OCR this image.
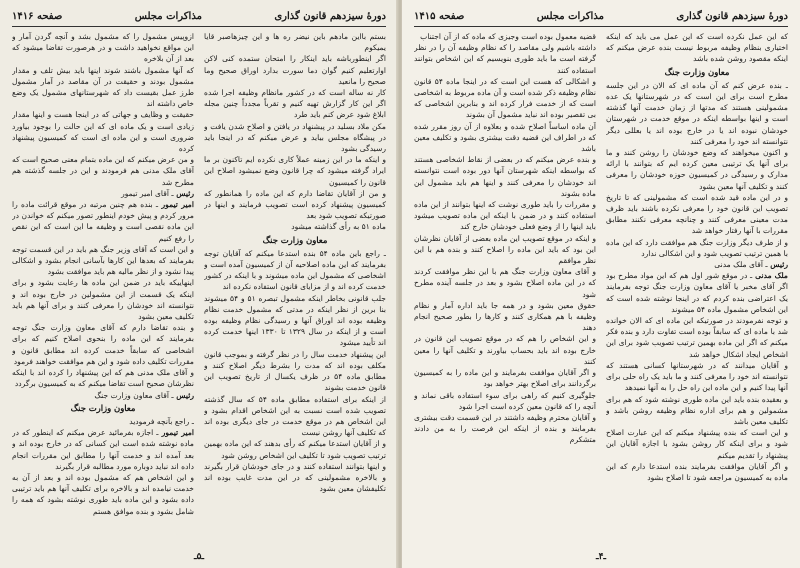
دورهٔ سیزدهم قانون گذاری
مذاکرات مجلس
صفحه ۱۴۱۶

بستم بااین مادهم باین نیضر ره ها و این چیزهاصبر قایا یمیکوم

اگر اینطورباشه باید اینکار را امتحان ستمده کنی لاکن اوارتعلیم کنیم گوان دما سورت بدارد اوراق صحیح وما صحیح را مانعید

کار نه ساله است که در کشور مانظام وظیفه اجرا شده اگر این کار گزارش تهیه کنیم و تقرباً مجدداً چنین مجله ابلاغ شود عرض کنم باید طرد

مکن ملاد بسلید در پیشنهاد در یافتن و اصلاح شدن یافت و در پیشگاه مجلس بیاید و عرض میکنم که در اینجا باید رسیدگی بشود

و اینکه ما در این زمینه عملاً کاری نکرده ایم تاکنون بر ما ایراد گرفته میشود که چرا قانون وضع نمیشود اصلاح این قانون را کمیسیون

و من از آقایان تقاضا دارم که این ماده را همانطور که کمیسیون پیشنهاد کرده است تصویب فرمایند و اینها در صورتیکه تصویب شود بعد

ماده ۵۱ به رأی گذاشته میشود

معاون وزارت جنگ

ـ راجع باین ماده ۵۴ بنده استدعا میکنم که آقایان توجه بفرمایند که این ماده اصلاحیه آن از کمیسیون آمده است و اشخاصی که مشمول این ماده میشوند و با اینکه در کشور خدمت کرده اند و از مزایای قانون استفاده نکرده اند

جلب قانونی بخاطر اینکه مشمول تبصره ۵۱ و ۵۴ میشوند بنا برین از نظر اینکه در مدتی که مشمول خدمت نظام وظیفه بوده اند اوراق آنها و رسیدگی نظام وظیفه بوده است و از اینکه در سال ۱۳۲۹ تا ۱۳۳۰ اینها خدمت کرده اند تأیید میشود

این پیشنهاد خدمت سال را در نظر گرفته و بموجب قانون مکلف بوده اند که مدت را بشرط دیگر اصلاح کنند و مطابق ماده ۵۴ در ظرف یکسال از تاریخ تصویب این قانون خدمت بشوند

از اینکه برای استفاده مطابق ماده ۵۴ که سال گذشته تصویب شده است نسبت به این اشخاص اقدام بشود و این اشخاص هم در موقع خدمت در جای دیگری بوده اند که تکلیف آنها روشن نیست

و از آقایان استدعا میکنم که رأی بدهند که این ماده بهمین ترتیب تصویب شود تا تکلیف این اشخاص روشن شود

و اینها بتوانند استفاده کنند و در جای خودشان قرار بگیرند و بالاخره مشمولینی که در این مدت غایب بوده اند تکلیفشان معین بشود

ازوپیس مشمول را که مشمول بشد و آنچه گردن آمار و این مواقع نخواهید داشت و در هرصورت تقاضا میشود که بعد از آن بلاخره

که آنها مشمول باشند شوند اینها باید بیش تلف و مقدار مشمول بودند و حقیقت در آن مقاصد در آمار مشمول طرز عمل بقیست داد که شهرستانهای مشمول یک وضع خاص داشته اند

حقیقت و وظایف و جهاتی که در اینجا هست و اینها مقدار زیادی است و یک ماده ای که این حالت را بوجود بیاورد ضروری است و این ماده ای است که کمیسیون پیشنهاد کرده

و من عرض میکنم که این ماده بتمام معنی صحیح است که آقای ملک مدنی هم فرمودند و این در جلسه گذشته هم مطرح شد

رئیس ـ آقای امیر تیمور

امیر تیمور ـ بنده هم چنین مرتبه در موقع قرائت ماده را مرور کردم و پیش خودم اینطور تصور میکنم که خواندن در این ماده نقصی است و وظیفه ما این است که این نقص را رفع کنیم

و این است که آقای وزیر جنگ هم باید در این قسمت توجه بفرمایند که بعدها این کارها بآسانی انجام بشود و اشکالی پیدا نشود و از نظر مالیه هم باید موافقت بشود

اینهاییکه باید در ضمن این ماده ها رعایت بشود و برای اینکه یک قسمت از این مشمولین در خارج بوده اند و نتوانسته اند خودشان را معرفی کنند و برای آنها هم باید تکلیف معین بشود

و بنده تقاضا دارم که آقای معاون وزارت جنگ توجه بفرمایند که این ماده را بنحوی اصلاح کنیم که برای اشخاصی که سابقاً خدمت کرده اند مطابق قانون و مقررات تکلیف داده شود و این هم موافقت خواهند فرمود

و آقای ملک مدنی هم که این پیشنهاد را کرده اند با اینکه نظرشان صحیح است تقاضا میکنم که به کمیسیون برگردد

رئیس ـ آقای معاون وزارت جنگ

معاون وزارت جنگ

ـ راجع بآنچه فرمودید

امیر تیمور ـ اجازه بفرمائید عرض میکنم که اینطور که در ماده نوشته شده است این کسانی که در خارج بوده اند و بعد آمده اند و خدمت آنها را مطابق این مقررات انجام داده اند نباید دوباره مورد مطالبه قرار بگیرند

و این اشخاص هم که مشمول بوده اند و بعد از آن به خدمت نیامده اند و بالاخره برای تکلیف آنها هم باید ترتیبی داده بشود و این ماده باید طوری نوشته بشود که همه را شامل بشود و بنده موافق هستم

ـ۵ـ
دورهٔ سیزدهم قانون گذاری
مذاکرات مجلس
صفحه ۱۴۱۵

که این عمل نکرده است که این عمل می باید که اینکه اختیاری بنظام وظیفه مربوط نیست بنده عرض میکنم که اینکه مقصود روشن شده باشد

معاون وزارت جنگ

ـ بنده عرض کنم که آن ماده ای که الان در این جلسه مطرح است برای این است که در شهرستانها یک عده مشمولینی هستند که مدتها از زمان خدمت آنها گذشته است و اینها بواسطه اینکه در موقع خدمت در شهرستان خودشان نبوده اند یا در خارج بوده اند یا بعللی دیگر نتوانسته اند خود را معرفی کنند

و اکنون میخواهند که وضع خودشان را روشن کنند و ما برای آنها یک ترتیبی معین کرده ایم که بتوانند با ارائه مدارک و رسیدگی در کمیسیون حوزه خودشان را معرفی کنند و تکلیف آنها معین بشود

و در این ماده قید شده است که مشمولینی که تا تاریخ تصویب این قانون خود را معرفی نکرده باشند باید ظرف مدت معینی معرفی کنند و چنانچه معرفی نکنند مطابق مقررات با آنها رفتار خواهد شد

و از طرف دیگر وزارت جنگ هم موافقت دارد که این ماده با همین ترتیب تصویب شود و این اشکالی ندارد

رئیس ـ آقای ملک مدنی

ملک مدنی ـ در موقع شور اول هم که این مواد مطرح بود اگر آقای مخبر یا آقای معاون وزارت جنگ توجه بفرمایند یک اعتراضی بنده کردم که در اینجا نوشته شده است که این اشخاص مشمول ماده ۵۴ میشوند

و توجه نفرمودند در صورتیکه این ماده ای که الان خوانده شد با ماده ای که سابقاً بوده است تفاوت دارد و بنده فکر میکنم که اگر این ماده بهمین ترتیب تصویب شود برای این اشخاص ایجاد اشکال خواهد شد

و آقایان میدانند که در شهرستانها کسانی هستند که نتوانسته اند خود را معرفی کنند و ما باید یک راه حلی برای آنها پیدا کنیم و این ماده این راه حل را به آنها نمیدهد

و بعقیده بنده باید این ماده طوری نوشته شود که هم برای مشمولین و هم برای اداره نظام وظیفه روشن باشد و تکلیف معین باشد

و این است که بنده پیشنهاد میکنم که این عبارت اصلاح شود و برای اینکه کار روشن بشود با اجازه آقایان این پیشنهاد را تقدیم میکنم

و اگر آقایان موافقت بفرمایند بنده استدعا دارم که این ماده به کمیسیون مراجعه شود تا اصلاح بشود

قضیه معمول بوده است وجیزی که ماده که از آن اجتناب

داشته باشیم ولی مقاصد را که نظام وظیفه آن را در نظر گرفته است ما باید طوری بنویسیم که این اشخاص بتوانند استفاده کنند

و اشکالی که هست این است که در اینجا ماده ۵۴ قانون نظام وظیفه ذکر شده است و آن ماده مربوط به اشخاصی است که از خدمت فرار کرده اند و بنابرین اشخاصی که بی تقصیر بوده اند نباید مشمول آن بشوند

آن ماده اساساً اصلاح شده و بعلاوه از آن روز مقرر شده که در اطراف این قضیه دقت بیشتری بشود و تکلیف معین باشد

و بنده عرض میکنم که در بعضی از نقاط اشخاصی هستند که بواسطه اینکه شهرستان آنها دور بوده است نتوانسته اند خودشان را معرفی کنند و اینها هم باید مشمول این ماده بشوند

و مقررات را باید طوری نوشت که اینها بتوانند از این ماده استفاده کنند و در ضمن با اینکه این ماده تصویب میشود باید اینها را از وضع فعلی خودشان خارج کند

و اینکه در موقع تصویب این ماده بعضی از آقایان نظرشان این بود که باید این ماده را اصلاح کنند و بنده هم با این نظر موافقم

و آقای معاون وزارت جنگ هم با این نظر موافقت کردند که در این ماده اصلاح بشود و بعد در جلسه آینده مطرح شود

حقوق معین بشود و در همه جا باید اداره آمار و نظام وظیفه با هم همکاری کنند و کارها را بطور صحیح انجام دهند

و این اشخاص را هم که در موقع تصویب این قانون در خارج بوده اند باید بحساب بیاورند و تکلیف آنها را معین کنند

و اگر آقایان موافقت بفرمایند و این ماده را به کمیسیون برگردانند برای اصلاح بهتر خواهد بود

جلوگیری کنیم که راهی برای سوء استفاده باقی نماند و آنچه را که قانون معین کرده است اجرا شود

و آقایان محترم وظیفه داشتند در این قسمت دقت بیشتری بفرمایند و بنده از اینکه این فرصت را به من دادند متشکرم

ـ۴ـ
